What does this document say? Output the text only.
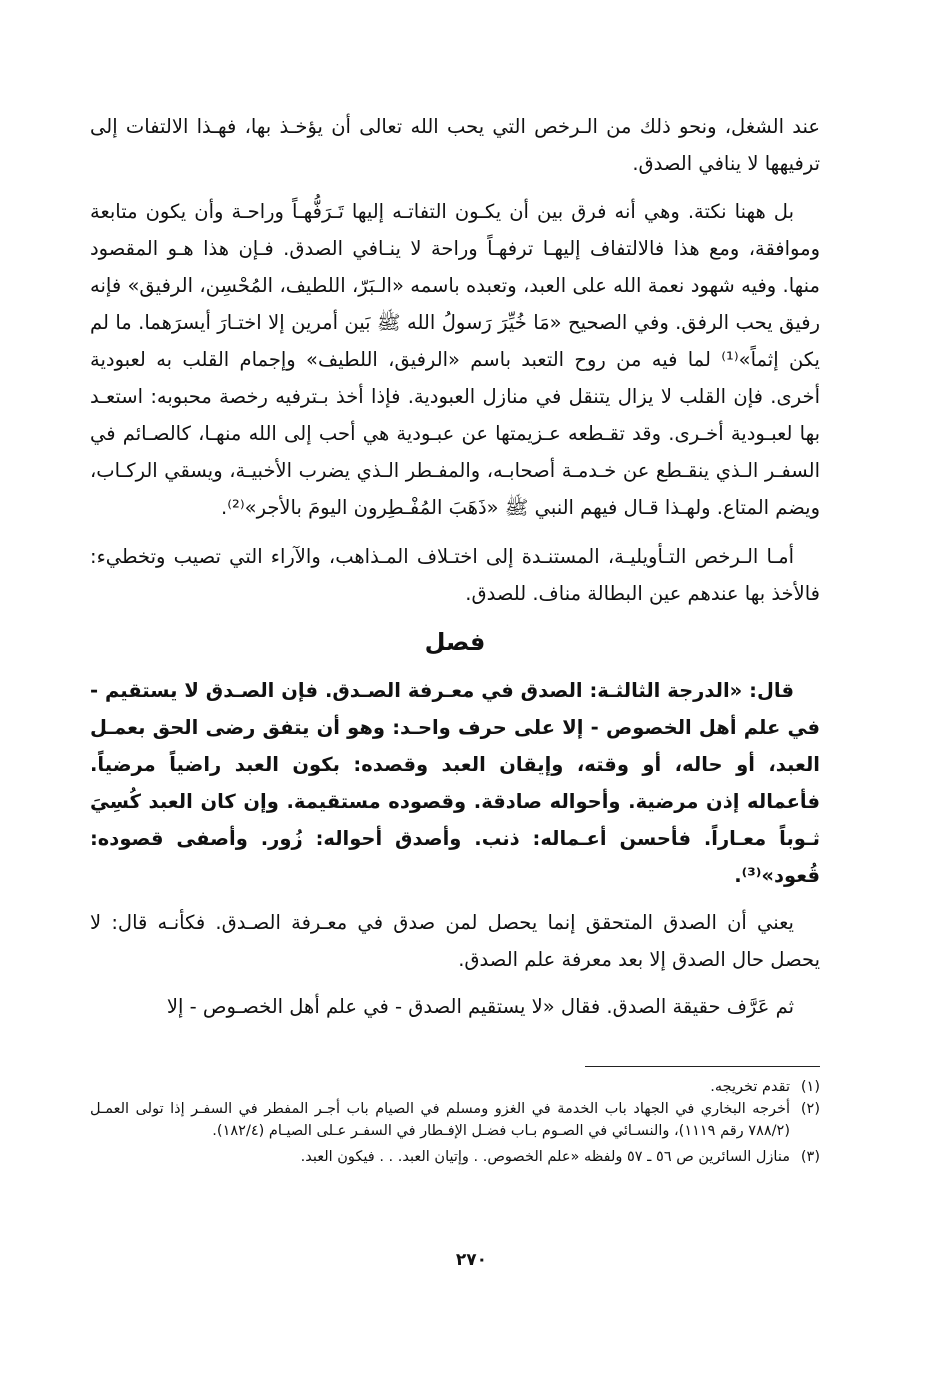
عند الشغل، ونحو ذلك من الـرخص التي يحب الله تعالى أن يؤخـذ بها، فهـذا الالتفات إلى ترفيهها لا ينافي الصدق.

بل ههنا نكتة. وهي أنه فرق بين أن يكـون التفاتـه إليها تَـرَفُّهـاً وراحـة وأن يكون متابعة وموافقة، ومع هذا فالالتفاف إليهـا ترفهـاً وراحة لا ينـافي الصدق. فـإن هذا هـو المقصود منها. وفيه شهود نعمة الله على العبد، وتعبده باسمه «الـبَرّ، اللطيف، المُحْسِن، الرفيق» فإنه رفيق يحب الرفق. وفي الصحيح «مَا خُيِّرَ رَسولُ الله ﷺ بَين أمرين إلا اختـارَ أيسرَهما. ما لم يكن إثماً»⁽¹⁾ لما فيه من روح التعبد باسم «الرفيق، اللطيف» وإجمام القلب به لعبودية أخرى. فإن القلب لا يزال يتنقل في منازل العبودية. فإذا أخذ بـترفيه رخصة محبوبه: استعـد بها لعبـودية أخـرى. وقد تقـطعه عـزيمتها عن عبـودية هي أحب إلى الله منهـا، كالصـائم في السفـر الـذي ينقـطع عن خـدمـة أصحابـه، والمفـطر الـذي يضرب الأخبيـة، ويسقي الركـاب، ويضم المتاع. ولهـذا قـال فيهم النبي ﷺ «ذَهَبَ المُفْـطِرون اليومَ بالأجر»⁽²⁾.

أمـا الـرخص التـأويليـة، المستنـدة إلى اختـلاف المـذاهب، والآراء التي تصيب وتخطيء: فالأخذ بها عندهم عين البطالة مناف. للصدق.

فصل

قال: «الدرجة الثالثـة: الصدق في معـرفة الصـدق. فإن الصـدق لا يستقيم - في علم أهل الخصوص - إلا على حرف واحـد: وهو أن يتفق رضى الحق بعمـل العبد، أو حاله، أو وقته، وإيقان العبد وقصده: بكون العبد راضياً مرضياً. فأعماله إذن مرضية. وأحواله صادقة. وقصوده مستقيمة. وإن كان العبد كُسِيَ ثـوباً معـاراً. فأحسن أعـماله: ذنب. وأصدق أحواله: زُور. وأصفى قصوده: قُعود»⁽³⁾.

يعني أن الصدق المتحقق إنما يحصل لمن صدق في معـرفة الصـدق. فكأنـه قال: لا يحصل حال الصدق إلا بعد معرفة علم الصدق.

ثم عَرَّف حقيقة الصدق. فقال «لا يستقيم الصدق - في علم أهل الخصـوص - إلا

(١)
تقدم تخريجه.
(٢)
أخرجه البخاري في الجهاد باب الخدمة في الغزو ومسلم في الصيام باب أجـر المفطر في السفـر إذا تولى العمـل (٧٨٨/٢ رقم ١١١٩)، والنسـائي في الصـوم بـاب فضـل الإفـطار في السفـر عـلى الصيـام (١٨٢/٤).
(٣)
منازل السائرين ص ٥٦ ـ ٥٧ ولفظه «علم الخصوص. . وإتيان العبد. . . فيكون العبد.
٢٧٠
